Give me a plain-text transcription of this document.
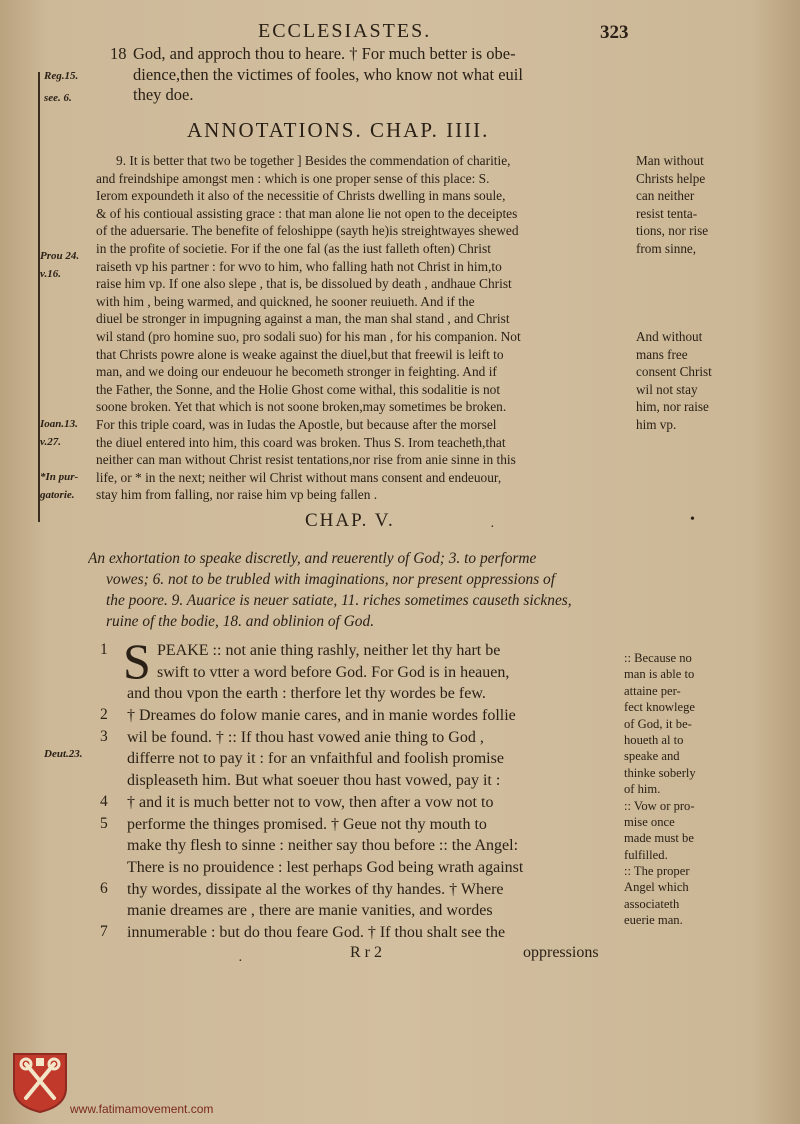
ECCLESIASTES.	323
18 God, and approch thou to heare. † For much better is obe-
dience,then the victimes of fooles, who know not what euil
they doe.
Reg.15.
see. 6.
ANNOTATIONS. CHAP. IIII.
9. It is better that two be together ] Besides the commendation of charitie,
and freindshipe amongst men : which is one proper sense of this place: S.
Ierom expoundeth it also of the necessitie of Christs dwelling in mans soule,
& of his contioual assisting grace : that man alone lie not open to the deceiptes
of the aduersarie. The benefite of feloshippe (sayth he)is streightwayes shewed
in the profite of societie. For if the one fal (as the iust falleth often) Christ
raiseth vp his partner : for wvo to him, who falling hath not Christ in him,to
raise him vp. If one also slepe , that is, be dissolued by death , andhaue Christ
with him , being warmed, and quickned, he sooner reuiueth. And if the
diuel be stronger in impugning against a man, the man shal stand , and Christ
wil stand (pro homine suo, pro sodali suo) for his man , for his companion. Not
that Christs powre alone is weake against the diuel,but that freewil is leift to
man, and we doing our endeuour he becometh stronger in feighting. And if
the Father, the Sonne, and the Holie Ghost come withal, this sodalitie is not
soone broken. Yet that which is not soone broken,may sometimes be broken.
For this triple coard, was in Iudas the Apostle, but because after the morsel
the diuel entered into him, this coard was broken. Thus S. Irom teacheth,that
neither can man without Christ resist tentations,nor rise from anie sinne in this
life, or * in the next; neither wil Christ without mans consent and endeuour,
stay him from falling, nor raise him vp being fallen .
Prou 24.
v.16.
Ioan.13.
v.27.
*In pur-
gatorie.
Man without
Christs helpe
can neither
resist tenta-
tions, nor rise
from sinne,
And without
mans free
consent Christ
wil not stay
him, nor raise
him vp.
CHAP. V.	·
•
An exhortation to speake discretly, and reuerently of God; 3. to performe
vowes; 6. not to be trubled with imaginations, nor present oppressions of
the poore. 9. Auarice is neuer satiate, 11. riches sometimes causeth sicknes,
ruine of the bodie, 18. and oblinion of God.
1
2
3
4
5
6
7
S PEAKE :: not anie thing rashly, neither let thy hart be
swift to vtter a word before God. For God is in heauen,
and thou vpon the earth : therfore let thy wordes be few.
† Dreames do folow manie cares, and in manie wordes follie
wil be found. † :: If thou hast vowed anie thing to God ,
differre not to pay it : for an vnfaithful and foolish promise
displeaseth him. But what soeuer thou hast vowed, pay it :
† and it is much better not to vow, then after a vow not to
performe the thinges promised. † Geue not thy mouth to
make thy flesh to sinne : neither say thou before :: the Angel:
There is no prouidence : lest perhaps God being wrath against
thy wordes, dissipate al the workes of thy handes. † Where
manie dreames are , there are manie vanities, and wordes
innumerable : but do thou feare God. † If thou shalt see the
Deut.23.
:: Because no
man is able to
attaine per-
fect knowlege
of God, it be-
houeth al to
speake and
thinke soberly
of him.
:: Vow or pro-
mise once
made must be
fulfilled.
:: The proper
Angel which
associateth
euerie man.
R r 2	oppressions
·
www.fatimamovement.com
